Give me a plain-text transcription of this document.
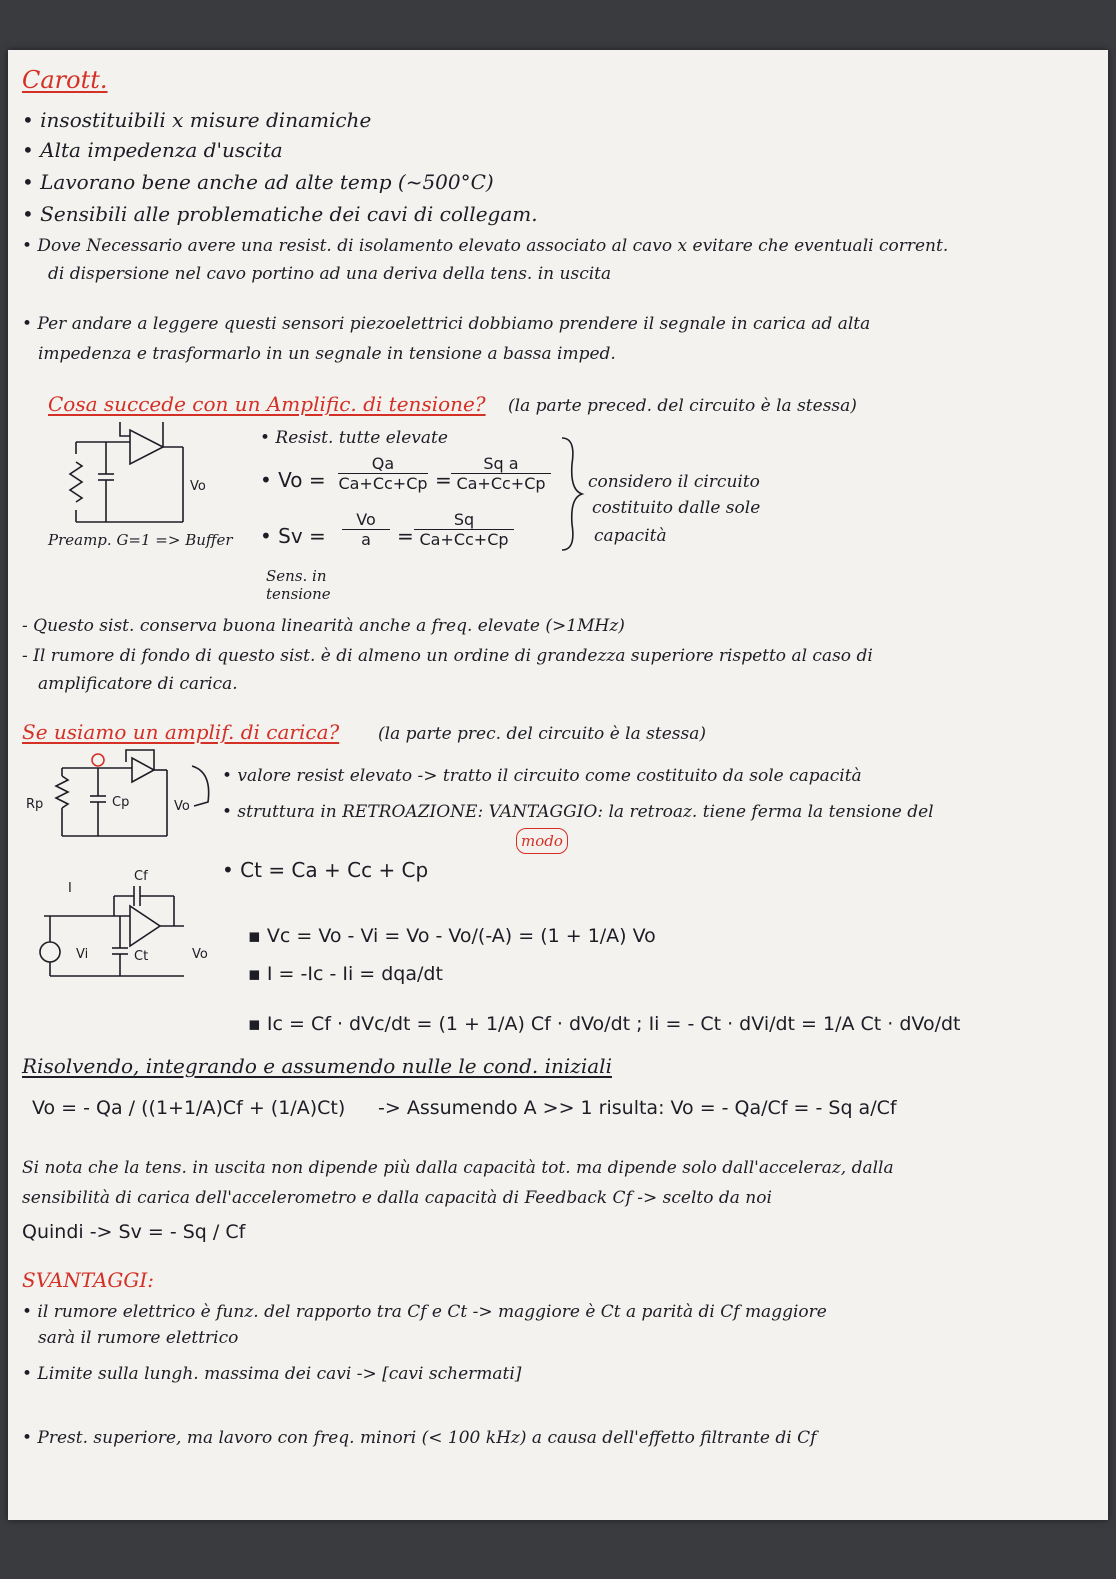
Carott.
• insostituibili x misure dinamiche
• Alta impedenza d'uscita
• Lavorano bene anche ad alte temp (~500°C)
• Sensibili alle problematiche dei cavi di collegam.
• Dove Necessario avere una resist. di isolamento elevato associato al cavo x evitare che eventuali corrent.
di dispersione nel cavo portino ad una deriva della tens. in uscita
• Per andare a leggere questi sensori piezoelettrici dobbiamo prendere il segnale in carica ad alta
impedenza e trasformarlo in un segnale in tensione a bassa imped.
Cosa succede con un Amplific. di tensione? (la parte preced. del circuito è la stessa)
Vo
Preamp. G=1 => Buffer
• Resist. tutte elevate
• $Vo = \frac{Qa}{Ca+Cc+Cp} = \frac{\text{Sq a}}{Ca+Cc+Cp}$
• $Sv = \frac{Vo}{a} = \frac{Sq}{Ca+Cc+Cp}$
Sens. in
tensione
considero il circuito
costituito dalle sole
capacità
- Questo sist. conserva buona linearità anche a freq. elevate (>1MHz)
- Il rumore di fondo di questo sist. è di almeno un ordine di grandezza superiore rispetto al caso di
amplificatore di carica.
Se usiamo un amplif. di carica? (la parte prec. del circuito è la stessa)
Rp	Cp	Vo
• valore resist elevato -> tratto il circuito come costituito da sole capacità
• struttura in RETROAZIONE: VANTAGGIO: la retroaz. tiene ferma la tensione del
modo
• Ct = Ca + Cc + Cp
I
Cf
Vi	Ct	Vo
▪ Vc = Vo - Vi = Vo - Vo/(-A) = (1 + 1/A) Vo
▪ I = -Ic - Ii = dqa/dt
▪ Ic = Cf · dVc/dt = (1 + 1/A) Cf · dVo/dt ; Ii = - Ct · dVi/dt = 1/A Ct · dVo/dt
Risolvendo, integrando e assumendo nulle le cond. iniziali
Vo = - Qa / ((1+1/A)Cf + (1/A)Ct) -> Assumendo A >> 1 risulta: Vo = - Qa/Cf = - Sq a/Cf
Si nota che la tens. in uscita non dipende più dalla capacità tot. ma dipende solo dall'acceleraz, dalla
sensibilità di carica dell'accelerometro e dalla capacità di Feedback Cf -> scelto da noi
Quindi -> Sv = - Sq / Cf
SVANTAGGI:
• il rumore elettrico è funz. del rapporto tra Cf e Ct -> maggiore è Ct a parità di Cf maggiore
sarà il rumore elettrico
• Limite sulla lungh. massima dei cavi -> [cavi schermati]
• Prest. superiore, ma lavoro con freq. minori (< 100 kHz) a causa dell'effetto filtrante di Cf
